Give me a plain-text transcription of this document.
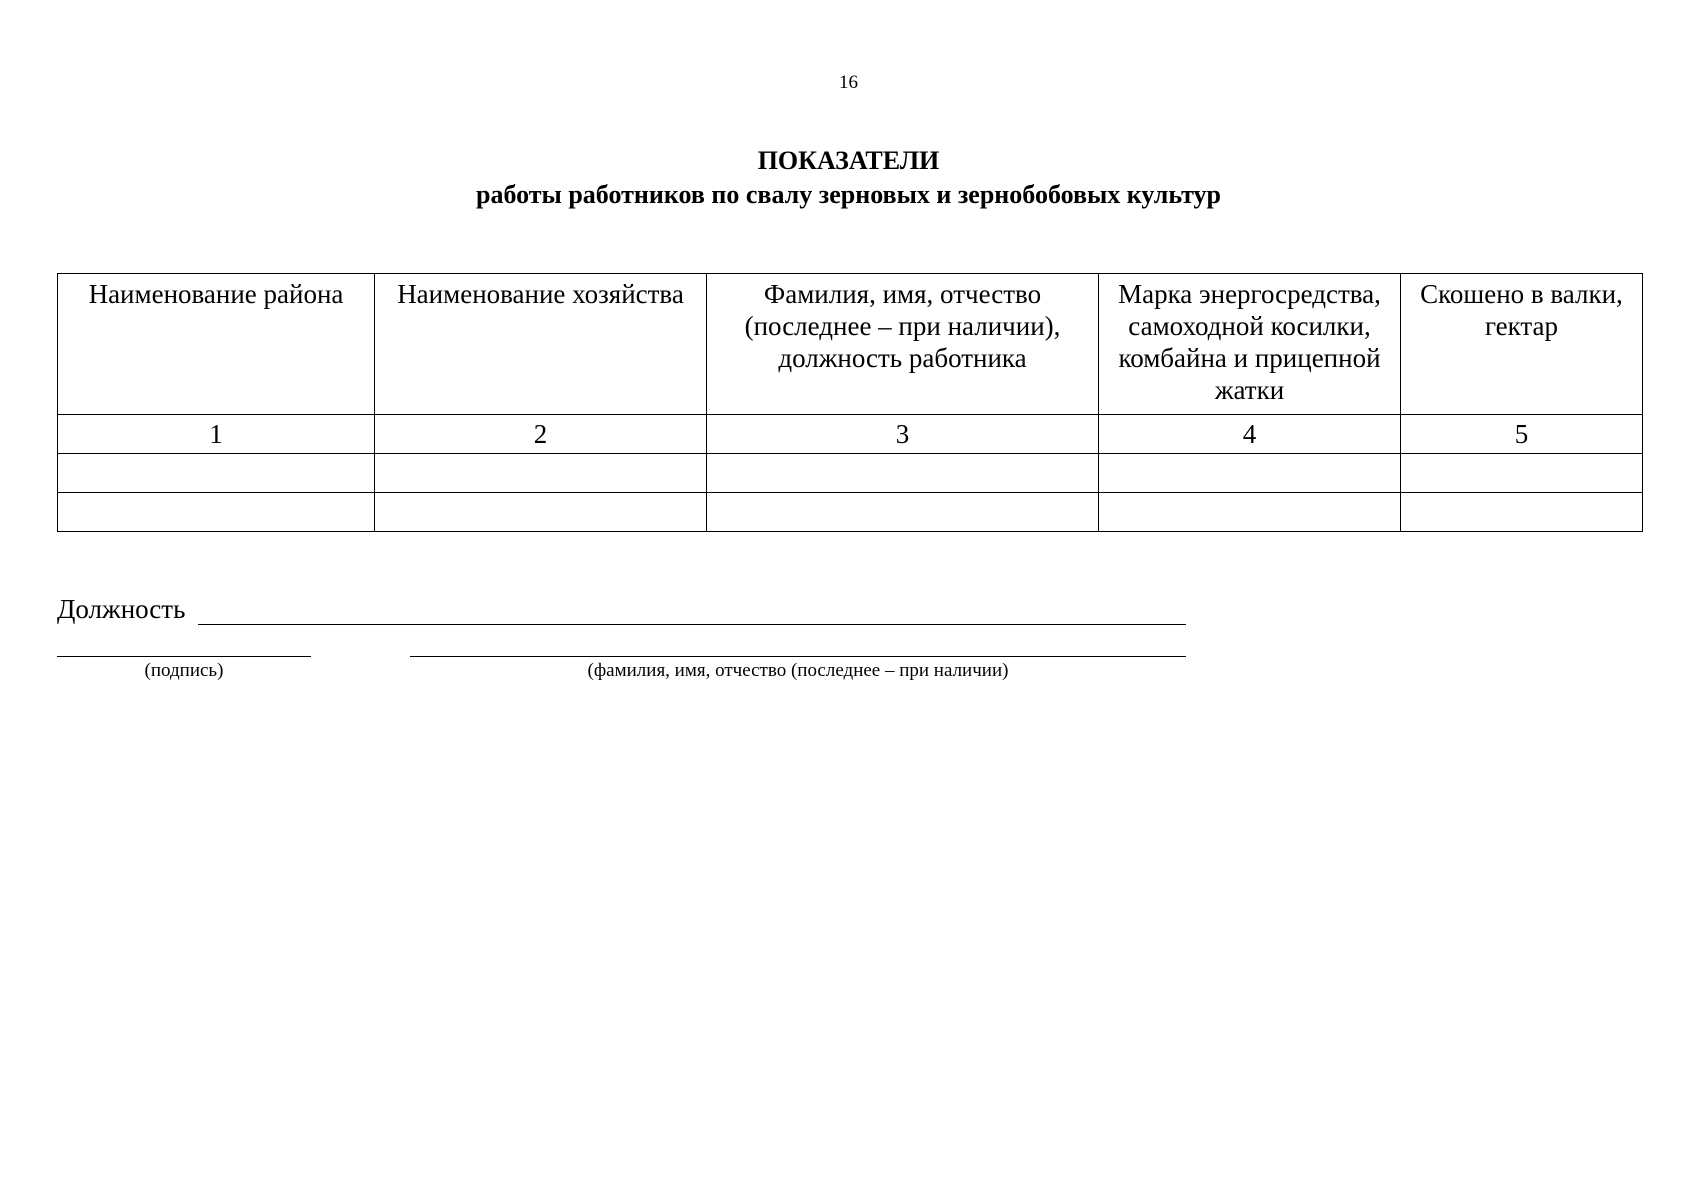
16
ПОКАЗАТЕЛИ
работы работников по свалу зерновых и зернобобовых культур
Наименование района	Наименование хозяйства	Фамилия, имя, отчество (последнее – при наличии), должность работника	Марка энергосредства, самоходной косилки, комбайна и прицепной жатки	Скошено в валки, гектар
1	2	3	4	5

Должность
(подпись)	(фамилия, имя, отчество (последнее – при наличии)
